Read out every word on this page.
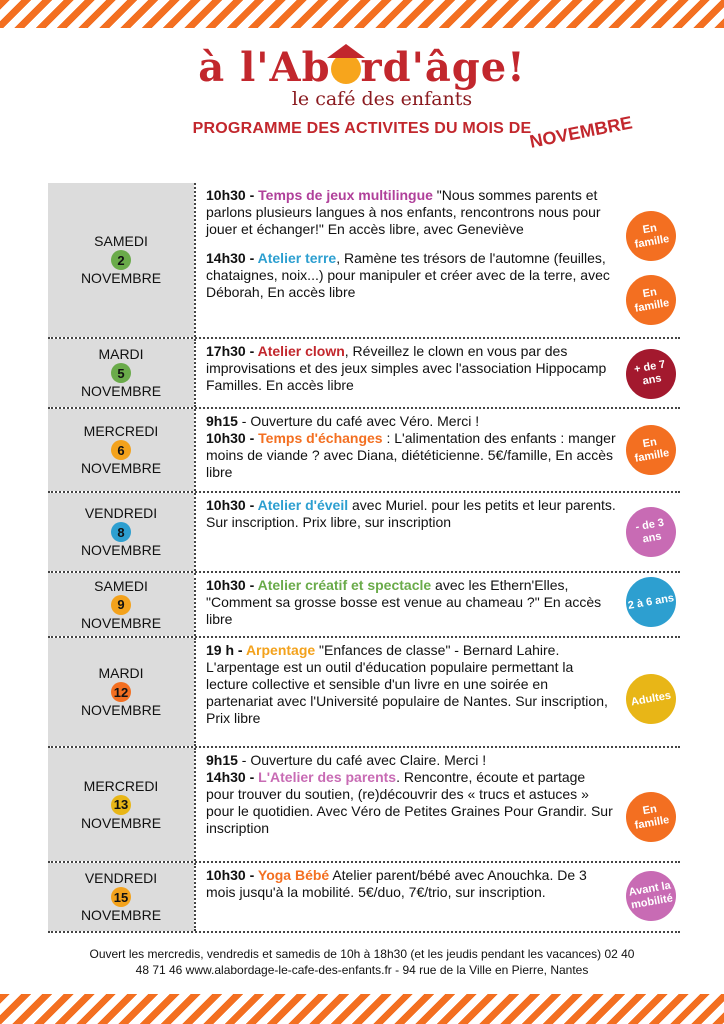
à l'Ab rd'âge!
le café des enfants
PROGRAMME DES ACTIVITES DU MOIS DE
NOVEMBRE
SAMEDI
2
NOVEMBRE

10h30 - Temps de jeux multilingue "Nous sommes parents et parlons plusieurs langues à nos enfants, rencontrons nous pour jouer et échanger!" En accès libre, avec Geneviève

14h30 - Atelier terre, Ramène tes trésors de l'automne (feuilles, chataignes, noix...) pour manipuler et créer avec de la terre, avec Déborah, En accès libre

En famille
En famille
MARDI
5
NOVEMBRE

17h30 - Atelier clown, Réveillez le clown en vous par des improvisations et des jeux simples avec l'association Hippocamp Familles. En accès libre

+ de 7 ans
MERCREDI
6
NOVEMBRE

9h15 - Ouverture du café avec Véro. Merci !

10h30 - Temps d'échanges : L'alimentation des enfants : manger moins de viande ? avec Diana, diététicienne. 5€/famille, En accès libre

En famille
VENDREDI
8
NOVEMBRE

10h30 - Atelier d'éveil avec Muriel. pour les petits et leur parents. Sur inscription. Prix libre, sur inscription	- de 3 ans
SAMEDI
9
NOVEMBRE

10h30 - Atelier créatif et spectacle avec les Ethern'Elles, "Comment sa grosse bosse est venue au chameau ?" En accès libre

2 à 6 ans
MARDI
12
NOVEMBRE

19 h - Arpentage "Enfances de classe" - Bernard Lahire. L'arpentage est un outil d'éducation populaire permettant la lecture collective et sensible d'un livre en une soirée en partenariat avec l'Université populaire de Nantes. Sur inscription, Prix libre

Adultes
MERCREDI
13
NOVEMBRE

9h15 - Ouverture du café avec Claire. Merci !

14h30 - L'Atelier des parents. Rencontre, écoute et partage pour trouver du soutien, (re)découvrir des « trucs et astuces » pour le quotidien. Avec Véro de Petites Graines Pour Grandir. Sur inscription

En famille
VENDREDI
15
NOVEMBRE

10h30 - Yoga Bébé Atelier parent/bébé avec Anouchka. De 3 mois jusqu'à la mobilité. 5€/duo, 7€/trio, sur inscription.	Avant la mobilité
Ouvert les mercredis, vendredis et samedis de 10h à 18h30 (et les jeudis pendant les vacances) 02 40
48 71 46 www.alabordage-le-cafe-des-enfants.fr - 94 rue de la Ville en Pierre, Nantes
